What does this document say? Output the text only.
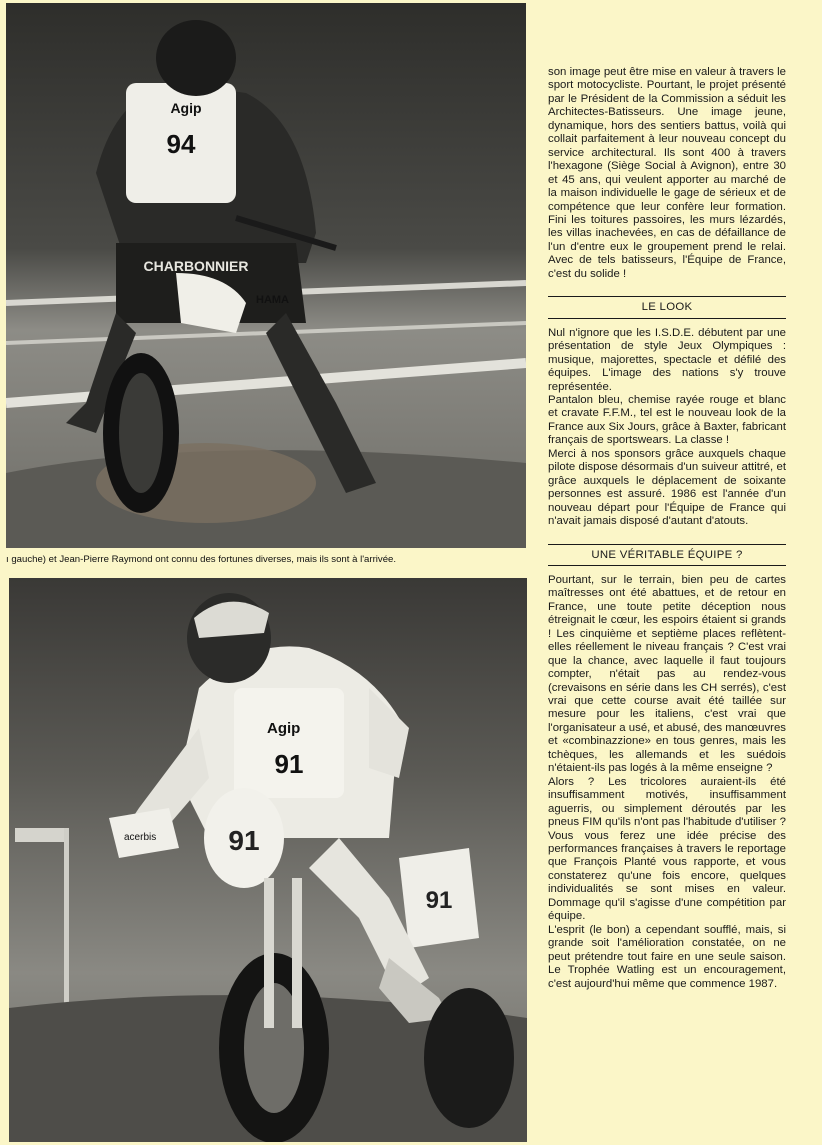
94
Agip
CHARBONNIER
HAMA
ı gauche) et Jean-Pierre Raymond ont connu des fortunes diverses, mais ils sont à l'arrivée.
Agip
91
91
91
acerbis

son image peut être mise en valeur à travers le sport motocycliste. Pourtant, le projet présenté par le Président de la Commission a séduit les Architectes-Batisseurs. Une image jeune, dynamique, hors des sentiers battus, voilà qui collait parfaitement à leur nouveau concept du service architectural. Ils sont 400 à travers l'hexagone (Siège Social à Avignon), entre 30 et 45 ans, qui veulent apporter au marché de la maison individuelle le gage de sérieux et de compétence que leur confère leur formation. Fini les toitures passoires, les murs lézardés, les villas inachevées, en cas de défaillance de l'un d'entre eux le groupement prend le relai. Avec de tels batisseurs, l'Équipe de France, c'est du solide !

LE LOOK

Nul n'ignore que les I.S.D.E. débutent par une présentation de style Jeux Olympiques : musique, majorettes, spectacle et défilé des équipes. L'image des nations s'y trouve représentée.

Pantalon bleu, chemise rayée rouge et blanc et cravate F.F.M., tel est le nouveau look de la France aux Six Jours, grâce à Baxter, fabricant français de sportswears. La classe !

Merci à nos sponsors grâce auxquels chaque pilote dispose désormais d'un suiveur attitré, et grâce auxquels le déplacement de soixante personnes est assuré. 1986 est l'année d'un nouveau départ pour l'Équipe de France qui n'avait jamais disposé d'autant d'atouts.

UNE VÉRITABLE ÉQUIPE ?

Pourtant, sur le terrain, bien peu de cartes maîtresses ont été abattues, et de retour en France, une toute petite déception nous étreignait le cœur, les espoirs étaient si grands ! Les cinquième et septième places reflètent-elles réellement le niveau français ? C'est vrai que la chance, avec laquelle il faut toujours compter, n'était pas au rendez-vous (crevaisons en série dans les CH serrés), c'est vrai que cette course avait été taillée sur mesure pour les italiens, c'est vrai que l'organisateur a usé, et abusé, des manœuvres et «combinazzione» en tous genres, mais les tchèques, les allemands et les suédois n'étaient-ils pas logés à la même enseigne ?

Alors ? Les tricolores auraient-ils été insuffisamment motivés, insuffisamment aguerris, ou simplement déroutés par les pneus FIM qu'ils n'ont pas l'habitude d'utiliser ? Vous vous ferez une idée précise des performances françaises à travers le reportage que François Planté vous rapporte, et vous constaterez qu'une fois encore, quelques individualités se sont mises en valeur. Dommage qu'il s'agisse d'une compétition par équipe.

L'esprit (le bon) a cependant soufflé, mais, si grande soit l'amélioration constatée, on ne peut prétendre tout faire en une seule saison. Le Trophée Watling est un encouragement, c'est aujourd'hui même que commence 1987.
